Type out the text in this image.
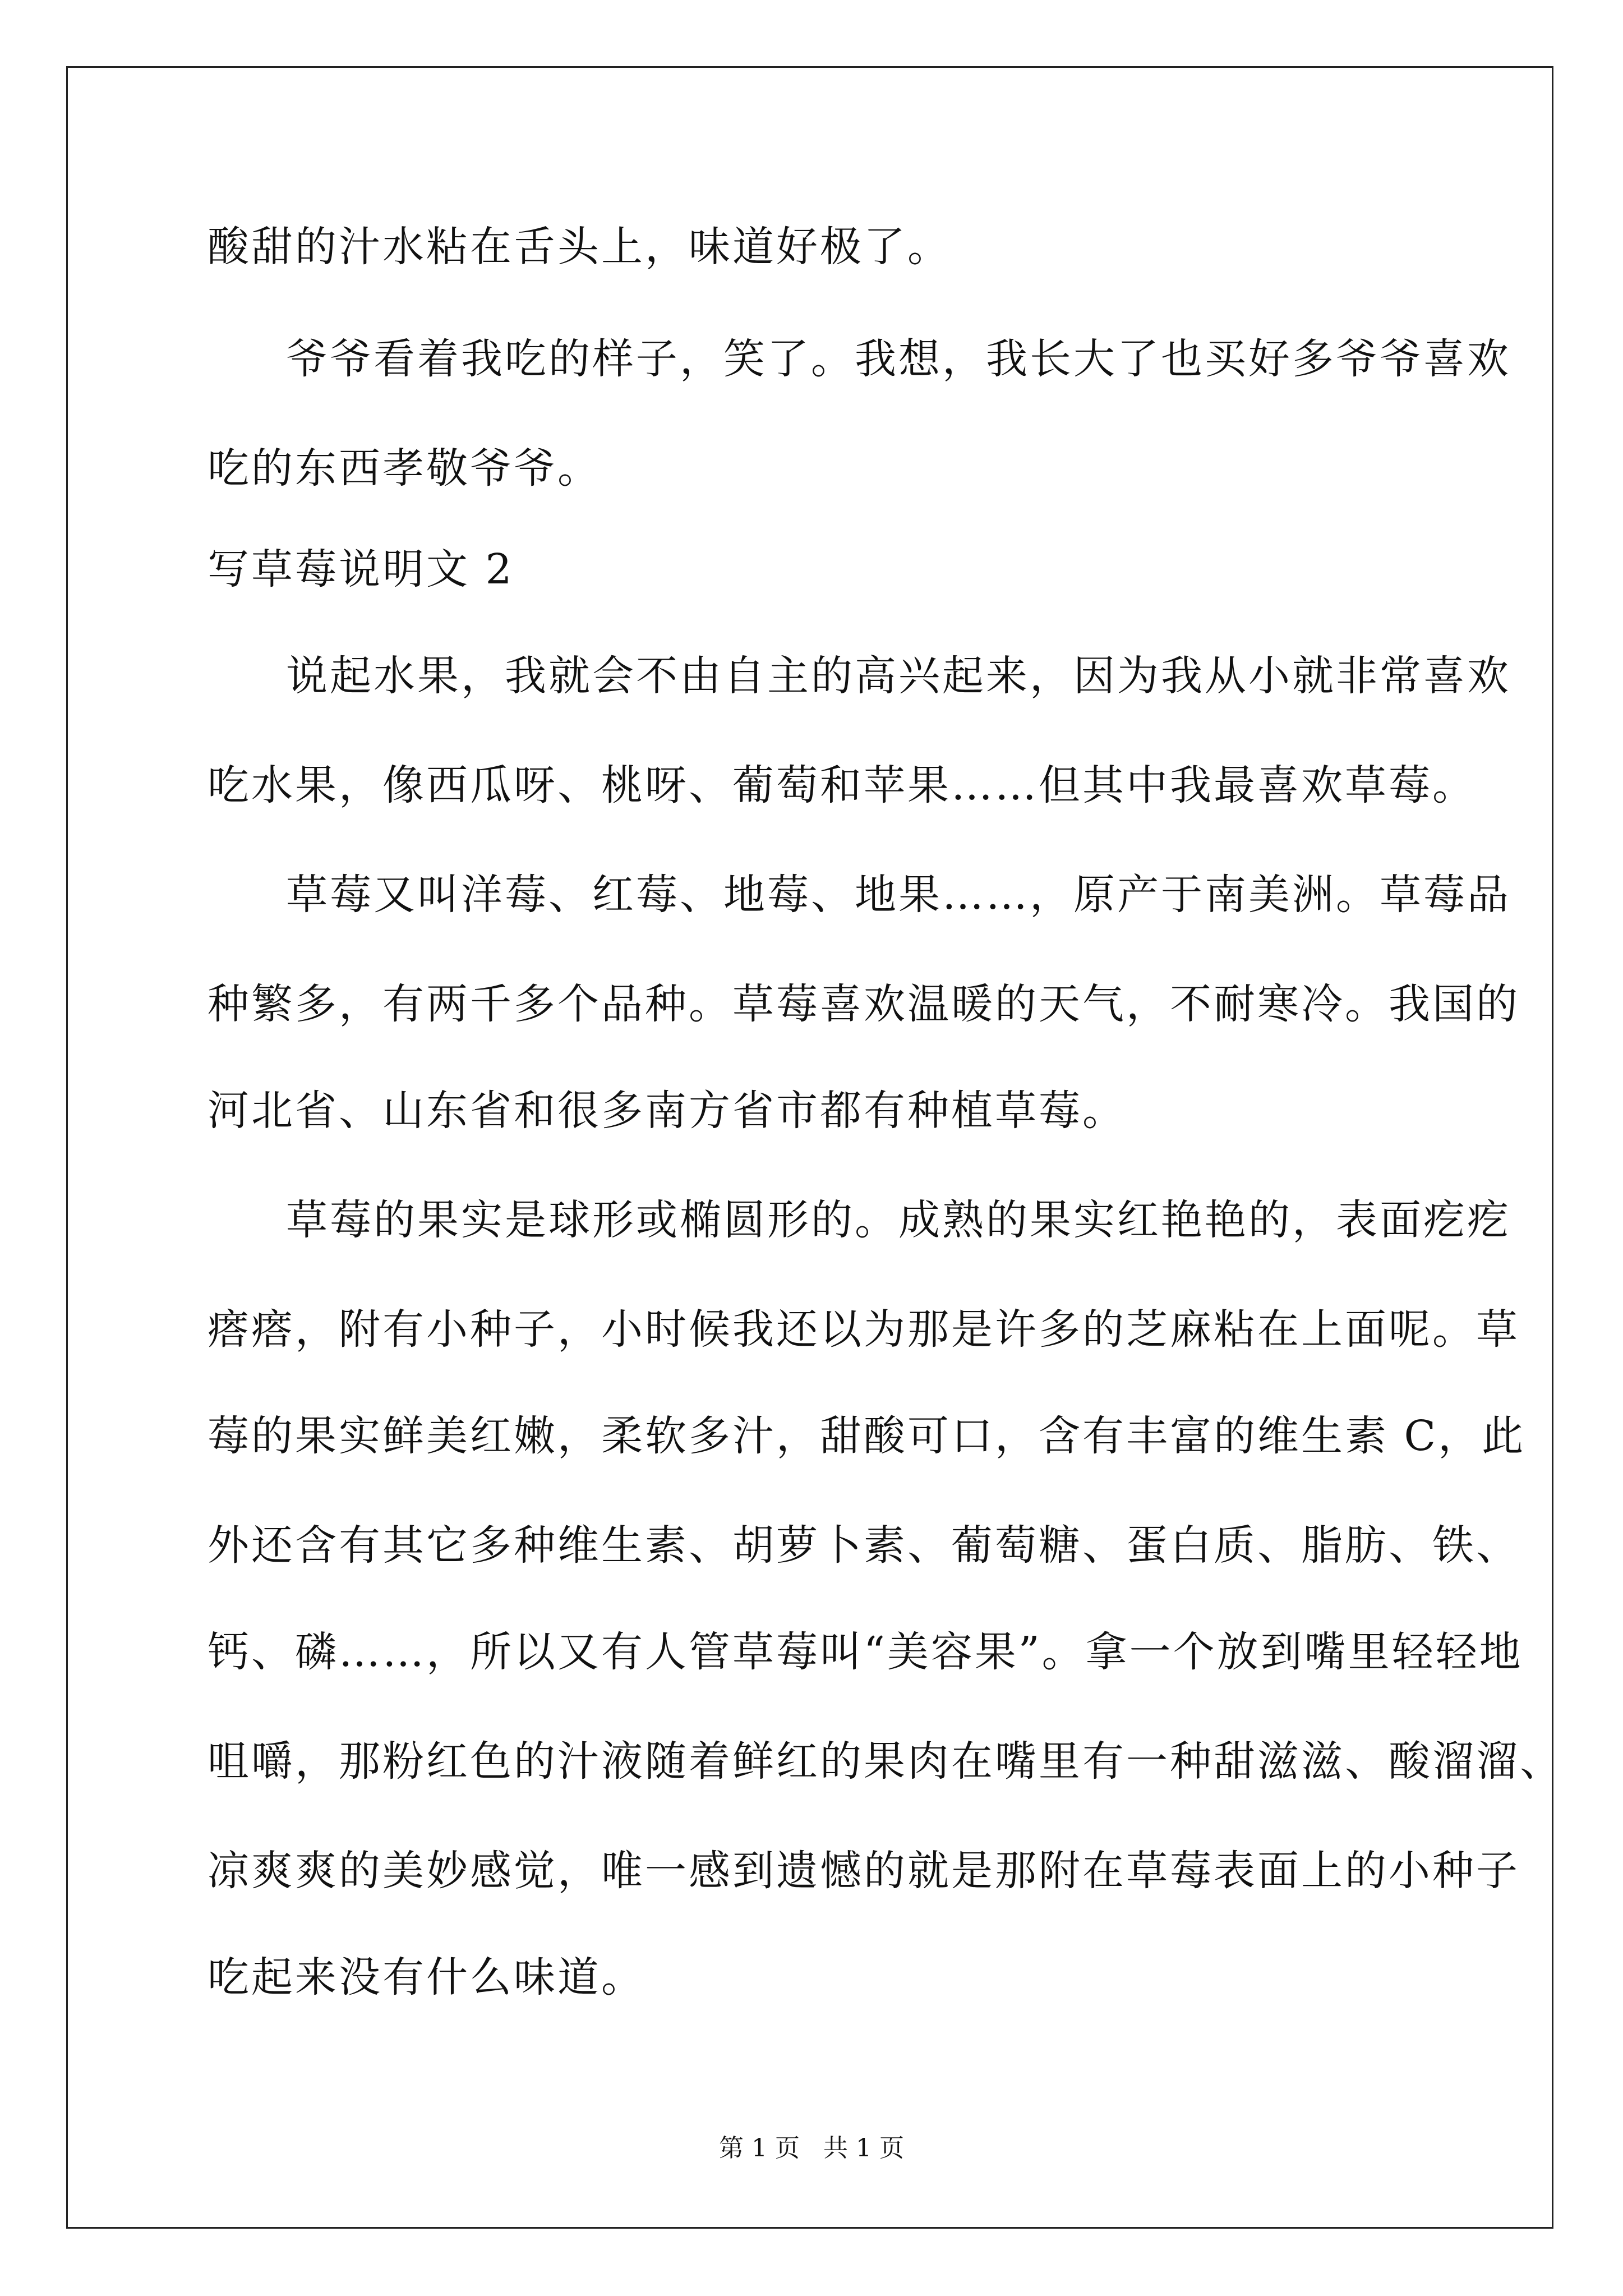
酸甜的汁水粘在舌头上，味道好极了。
爷爷看着我吃的样子，笑了。我想，我长大了也买好多爷爷喜欢
吃的东西孝敬爷爷。
写草莓说明文 2
说起水果，我就会不由自主的高兴起来，因为我从小就非常喜欢
吃水果，像西瓜呀、桃呀、葡萄和苹果……但其中我最喜欢草莓。
草莓又叫洋莓、红莓、地莓、地果……，原产于南美洲。草莓品
种繁多，有两千多个品种。草莓喜欢温暖的天气，不耐寒冷。我国的
河北省、山东省和很多南方省市都有种植草莓。
草莓的果实是球形或椭圆形的。成熟的果实红艳艳的，表面疙疙
瘩瘩，附有小种子，小时候我还以为那是许多的芝麻粘在上面呢。草
莓的果实鲜美红嫩，柔软多汁，甜酸可口，含有丰富的维生素 C，此
外还含有其它多种维生素、胡萝卜素、葡萄糖、蛋白质、脂肪、铁、
钙、磷……，所以又有人管草莓叫“美容果”。拿一个放到嘴里轻轻地
咀嚼，那粉红色的汁液随着鲜红的果肉在嘴里有一种甜滋滋、酸溜溜、
凉爽爽的美妙感觉，唯一感到遗憾的就是那附在草莓表面上的小种子
吃起来没有什么味道。
第 1 页   共 1 页
